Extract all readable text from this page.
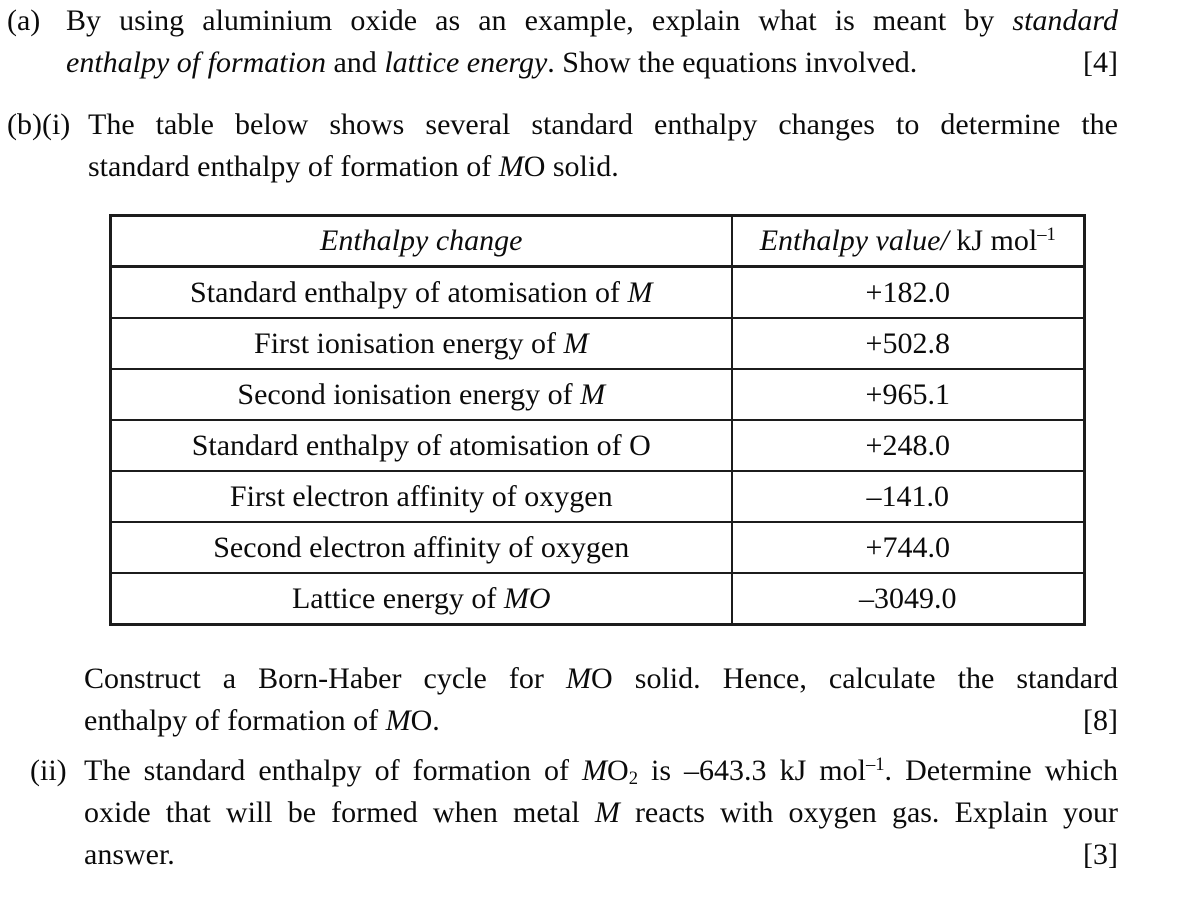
(a) By using aluminium oxide as an example, explain what is meant by standard
enthalpy of formation and lattice energy. Show the equations involved.	[4]
(b)(i) The table below shows several standard enthalpy changes to determine the
standard enthalpy of formation of MO solid.
Enthalpy change	Enthalpy value/ kJ mol$^{-1}$
Standard enthalpy of atomisation of M	+182.0
First ionisation energy of M	+502.8
Second ionisation energy of M	+965.1
Standard enthalpy of atomisation of O	+248.0
First electron affinity of oxygen	–141.0
Second electron affinity of oxygen	+744.0
Lattice energy of MO	–3049.0
Construct a Born-Haber cycle for MO solid. Hence, calculate the standard
enthalpy of formation of MO.	[8]
(ii) The standard enthalpy of formation of $MO_2$ is –643.3 kJ mol$^{-1}$. Determine which
oxide that will be formed when metal M reacts with oxygen gas. Explain your
answer.	[3]
